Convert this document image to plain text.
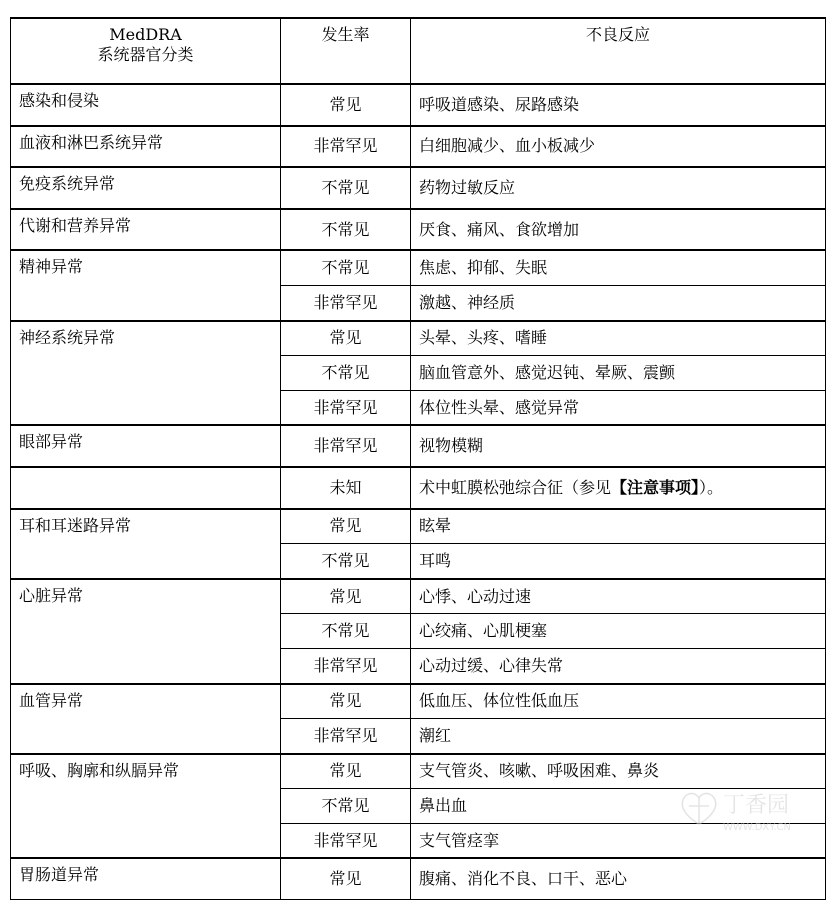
MedDRA
系统器官分类	发生率	不良反应
感染和侵染	常见	呼吸道感染、尿路感染
血液和淋巴系统异常	非常罕见	白细胞减少、血小板减少
免疫系统异常	不常见	药物过敏反应
代谢和营养异常	不常见	厌食、痛风、食欲增加
精神异常	不常见	焦虑、抑郁、失眠
	非常罕见	激越、神经质
神经系统异常	常见	头晕、头疼、嗜睡
	不常见	脑血管意外、感觉迟钝、晕厥、震颤
	非常罕见	体位性头晕、感觉异常
眼部异常	非常罕见	视物模糊
	未知	术中虹膜松弛综合征（参见【注意事项】）。
耳和耳迷路异常	常见	眩晕
	不常见	耳鸣
心脏异常	常见	心悸、心动过速
	不常见	心绞痛、心肌梗塞
	非常罕见	心动过缓、心律失常
血管异常	常见	低血压、体位性低血压
	非常罕见	潮红
呼吸、胸廓和纵膈异常	常见	支气管炎、咳嗽、呼吸困难、鼻炎
	不常见	鼻出血
	非常罕见	支气管痉挛
胃肠道异常	常见	腹痛、消化不良、口干、恶心
丁香园
WWW.DXY.CN
